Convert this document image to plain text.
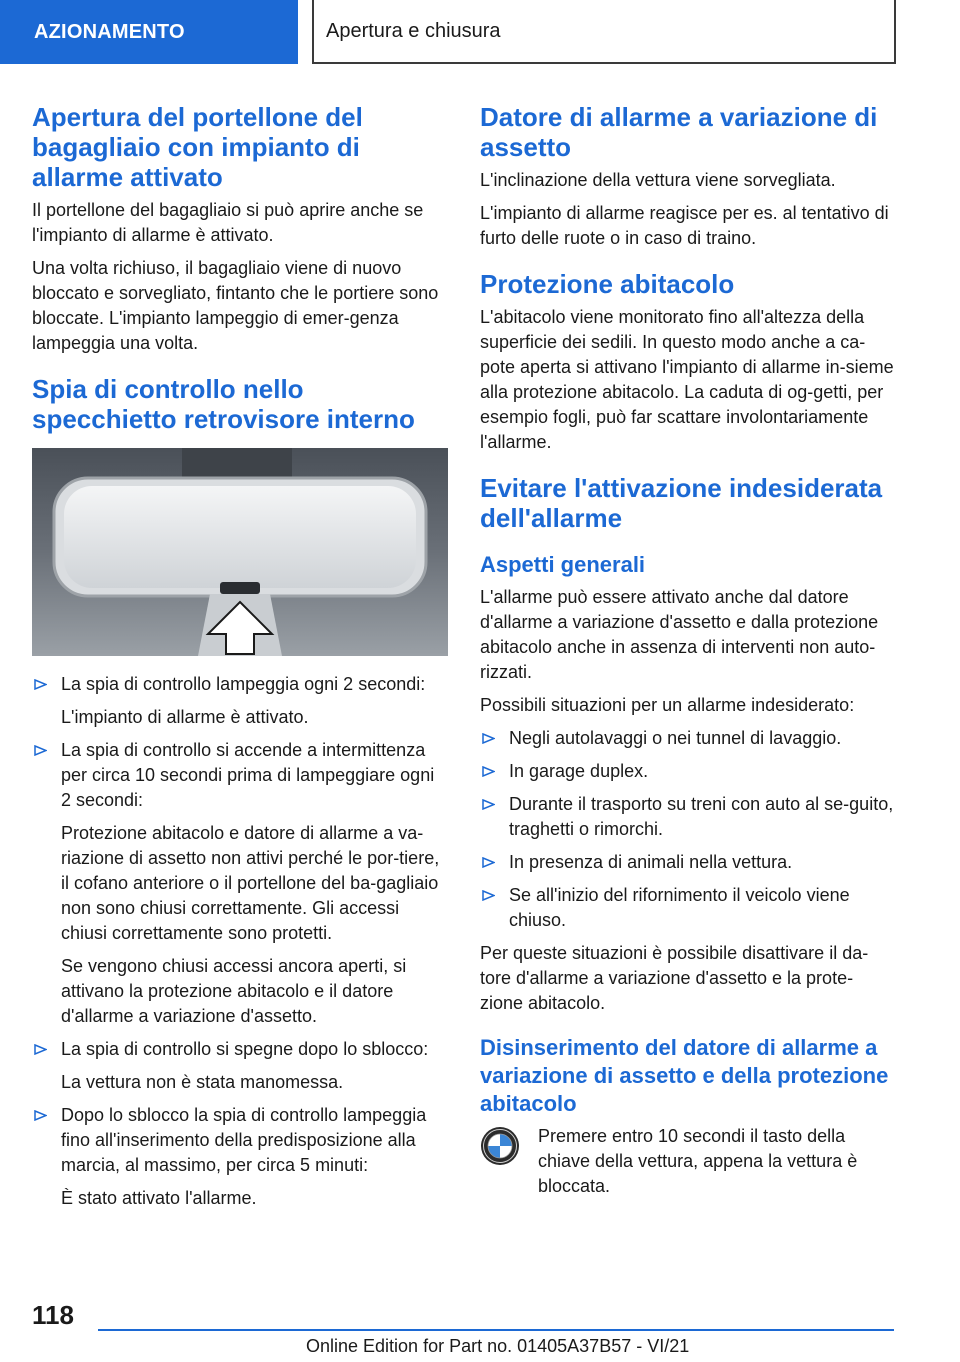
AZIONAMENTO	Apertura e chiusura
Apertura del portellone del bagagliaio con impianto di allarme attivato

Il portellone del bagagliaio si può aprire anche se l'impianto di allarme è attivato.

Una volta richiuso, il bagagliaio viene di nuovo bloccato e sorvegliato, fintanto che le portiere sono bloccate. L'impianto lampeggio di emer-genza lampeggia una volta.

Spia di controllo nello specchietto retrovisore interno

La spia di controllo lampeggia ogni 2 secondi:

L'impianto di allarme è attivato.

La spia di controllo si accende a intermittenza per circa 10 secondi prima di lampeggiare ogni 2 secondi:

Protezione abitacolo e datore di allarme a va-riazione di assetto non attivi perché le por-tiere, il cofano anteriore o il portellone del ba-gagliaio non sono chiusi correttamente. Gli accessi chiusi correttamente sono protetti.

Se vengono chiusi accessi ancora aperti, si attivano la protezione abitacolo e il datore d'allarme a variazione d'assetto.

La spia di controllo si spegne dopo lo sblocco:

La vettura non è stata manomessa.

Dopo lo sblocco la spia di controllo lampeggia fino all'inserimento della predisposizione alla marcia, al massimo, per circa 5 minuti:

È stato attivato l'allarme.

Datore di allarme a variazione di assetto

L'inclinazione della vettura viene sorvegliata.

L'impianto di allarme reagisce per es. al tentativo di furto delle ruote o in caso di traino.

Protezione abitacolo

L'abitacolo viene monitorato fino all'altezza della superficie dei sedili. In questo modo anche a ca-pote aperta si attivano l'impianto di allarme in-sieme alla protezione abitacolo. La caduta di og-getti, per esempio fogli, può far scattare involontariamente l'allarme.

Evitare l'attivazione indesiderata dell'allarme
Aspetti generali

L'allarme può essere attivato anche dal datore d'allarme a variazione d'assetto e dalla protezione abitacolo anche in assenza di interventi non auto-rizzati.

Possibili situazioni per un allarme indesiderato:

Negli autolavaggi o nei tunnel di lavaggio.

In garage duplex.

Durante il trasporto su treni con auto al se-guito, traghetti o rimorchi.

In presenza di animali nella vettura.

Se all'inizio del rifornimento il veicolo viene chiuso.

Per queste situazioni è possibile disattivare il da-tore d'allarme a variazione d'assetto e la prote-zione abitacolo.

Disinserimento del datore di allarme a variazione di assetto e della protezione abitacolo

Premere entro 10 secondi il tasto della chiave della vettura, appena la vettura è bloccata.

118
Online Edition for Part no. 01405A37B57 - VI/21
